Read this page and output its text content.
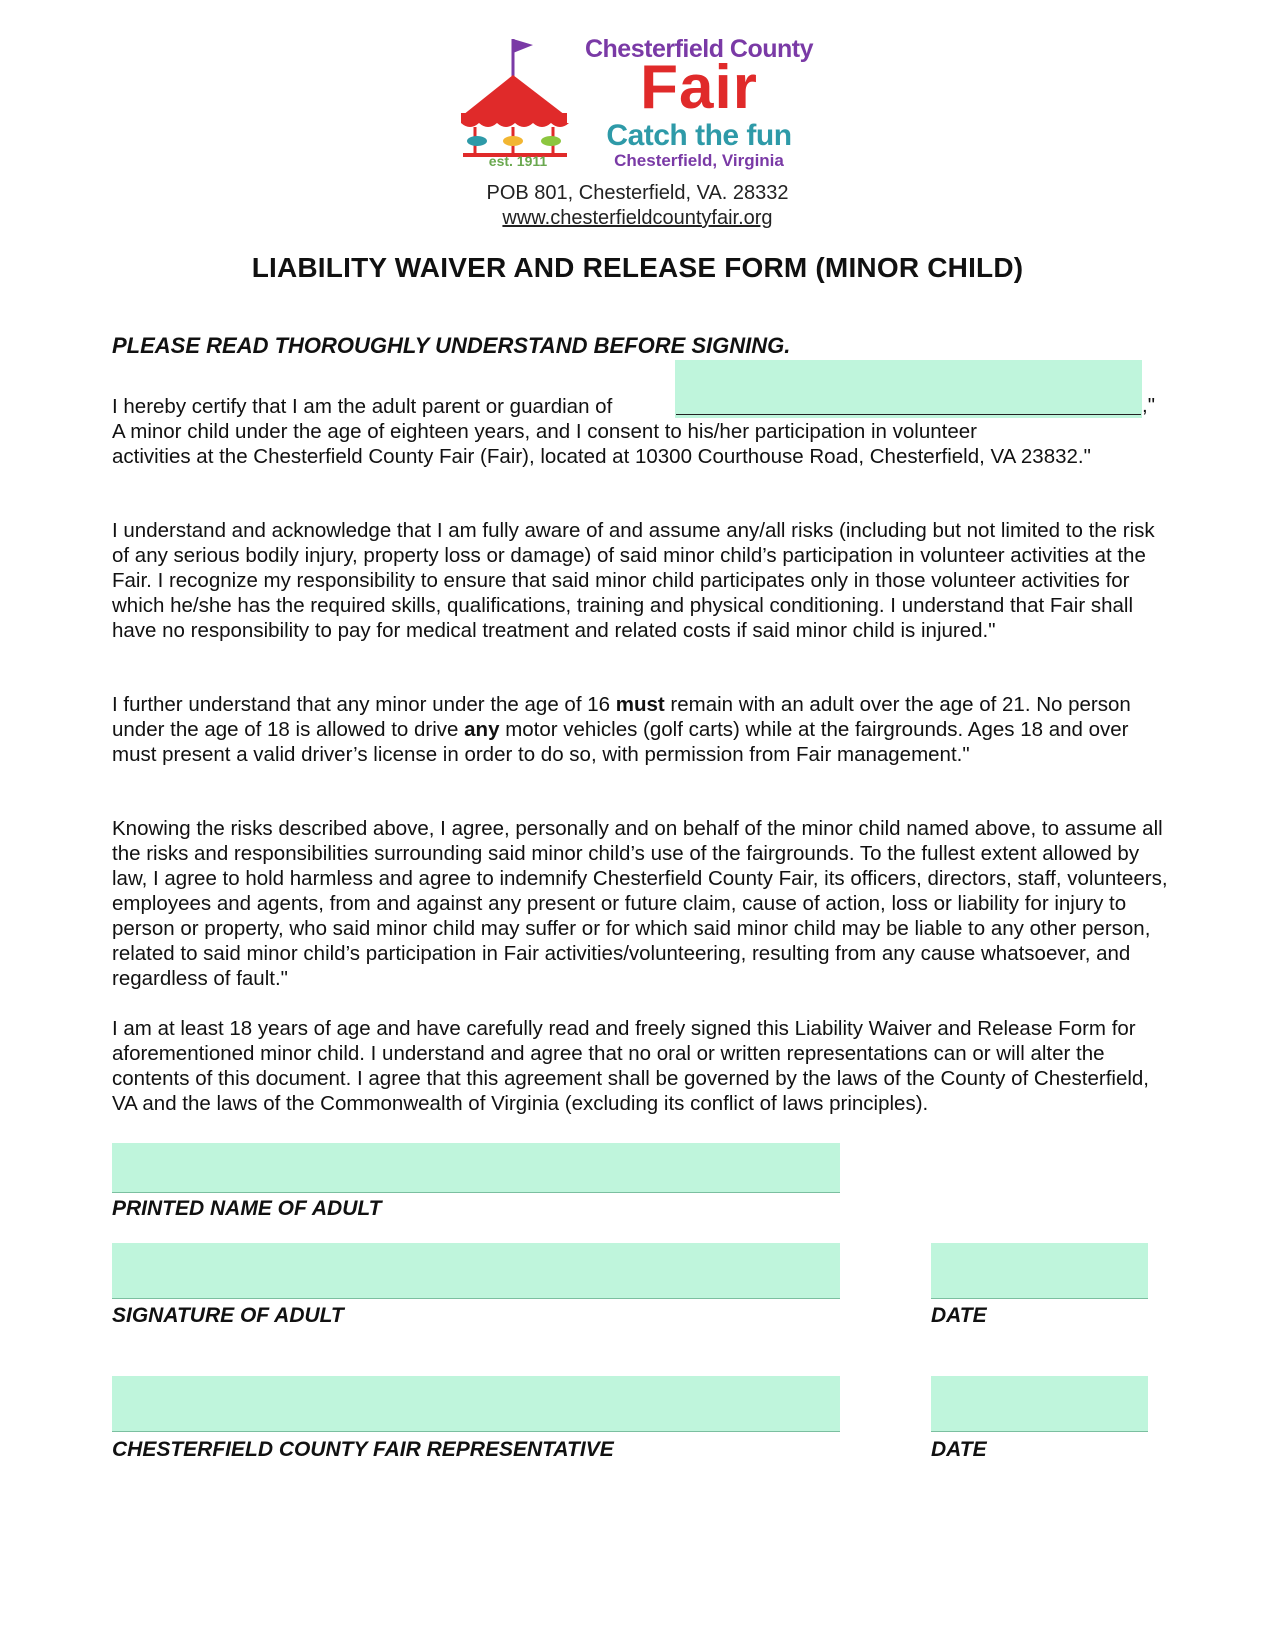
est. 1911
Chesterfield County
Fair
Catch the fun
Chesterfield, Virginia
POB 801, Chesterfield, VA. 28332
www.chesterfieldcountyfair.org
LIABILITY WAIVER AND RELEASE FORM (MINOR CHILD)
PLEASE READ THOROUGHLY UNDERSTAND BEFORE SIGNING.
,"
I hereby certify that I am the adult parent or guardian of
A minor child under the age of eighteen years, and I consent to his/her participation in volunteer
activities at the Chesterfield County Fair (Fair), located at 10300 Courthouse Road, Chesterfield, VA 23832."
I understand and acknowledge that I am fully aware of and assume any/all risks (including but not limited to the risk of any serious bodily injury, property loss or damage) of said minor child’s participation in volunteer activities at the Fair. I recognize my responsibility to ensure that said minor child participates only in those volunteer activities for which he/she has the required skills, qualifications, training and physical conditioning. I understand that Fair shall have no responsibility to pay for medical treatment and related costs if said minor child is injured."
I further understand that any minor under the age of 16 must remain with an adult over the age of 21. No person under the age of 18 is allowed to drive any motor vehicles (golf carts) while at the fairgrounds. Ages 18 and over must present a valid driver’s license in order to do so, with permission from Fair management."
Knowing the risks described above, I agree, personally and on behalf of the minor child named above, to assume all the risks and responsibilities surrounding said minor child’s use of the fairgrounds. To the fullest extent allowed by law, I agree to hold harmless and agree to indemnify Chesterfield County Fair, its officers, directors, staff, volunteers, employees and agents, from and against any present or future claim, cause of action, loss or liability for injury to person or property, who said minor child may suffer or for which said minor child may be liable to any other person, related to said minor child’s participation in Fair activities/volunteering, resulting from any cause whatsoever, and regardless of fault."
I am at least 18 years of age and have carefully read and freely signed this Liability Waiver and Release Form for aforementioned minor child. I understand and agree that no oral or written representations can or will alter the contents of this document. I agree that this agreement shall be governed by the laws of the County of Chesterfield, VA and the laws of the Commonwealth of Virginia (excluding its conflict of laws principles).
PRINTED NAME OF ADULT
SIGNATURE OF ADULT	DATE
CHESTERFIELD COUNTY FAIR REPRESENTATIVE	DATE
